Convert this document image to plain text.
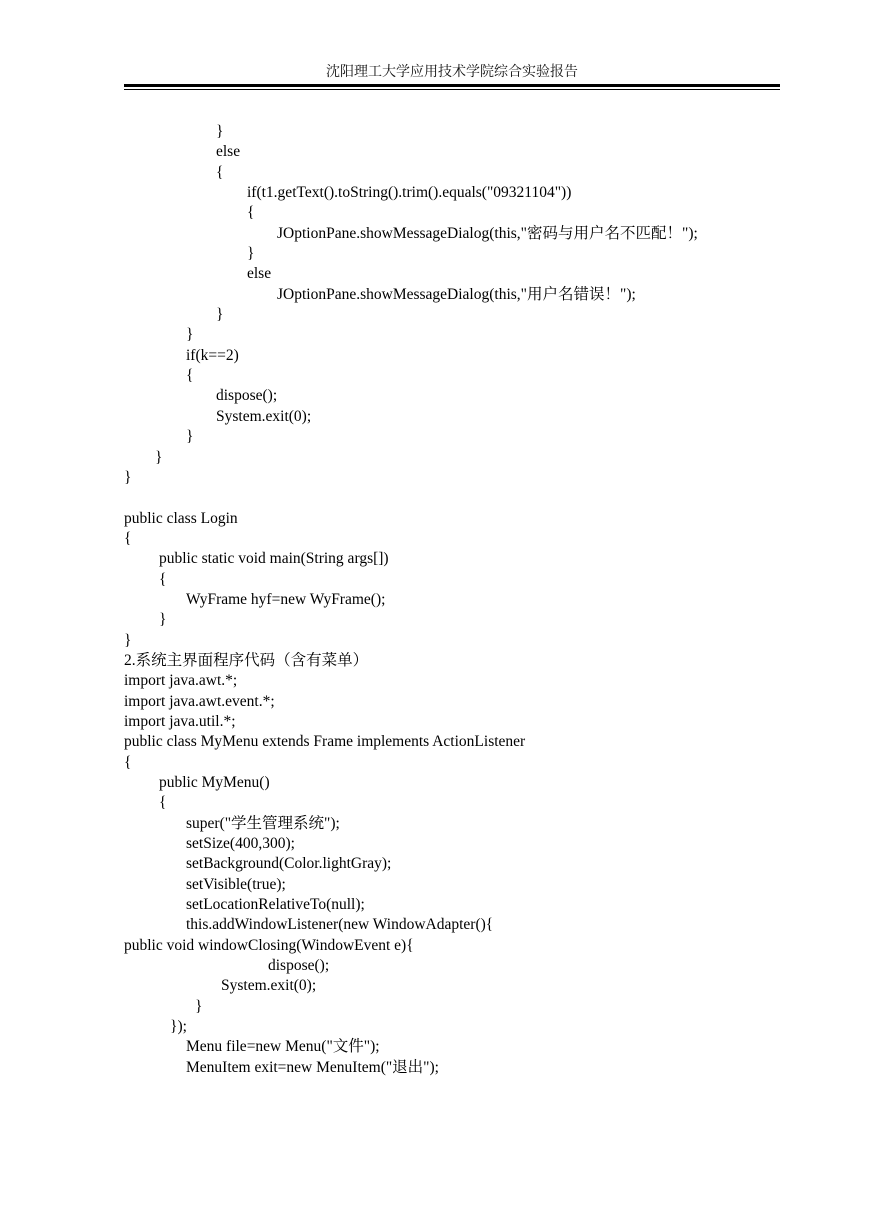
沈阳理工大学应用技术学院综合实验报告
}
else
{
if(t1.getText().toString().trim().equals("09321104"))
{
JOptionPane.showMessageDialog(this,"密码与用户名不匹配！");
}
else
JOptionPane.showMessageDialog(this,"用户名错误！");
}
}
if(k==2)
{
dispose();
System.exit(0);
}
}
}
public class Login
{
public static void main(String args[])
{
WyFrame hyf=new WyFrame();
}
}
2.系统主界面程序代码（含有菜单）
import java.awt.*;
import java.awt.event.*;
import java.util.*;
public class MyMenu extends Frame implements ActionListener
{
public MyMenu()
{
super("学生管理系统");
setSize(400,300);
setBackground(Color.lightGray);
setVisible(true);
setLocationRelativeTo(null);
this.addWindowListener(new WindowAdapter(){
public void windowClosing(WindowEvent e){
dispose();
System.exit(0);
}
});
Menu file=new Menu("文件");
MenuItem exit=new MenuItem("退出");
